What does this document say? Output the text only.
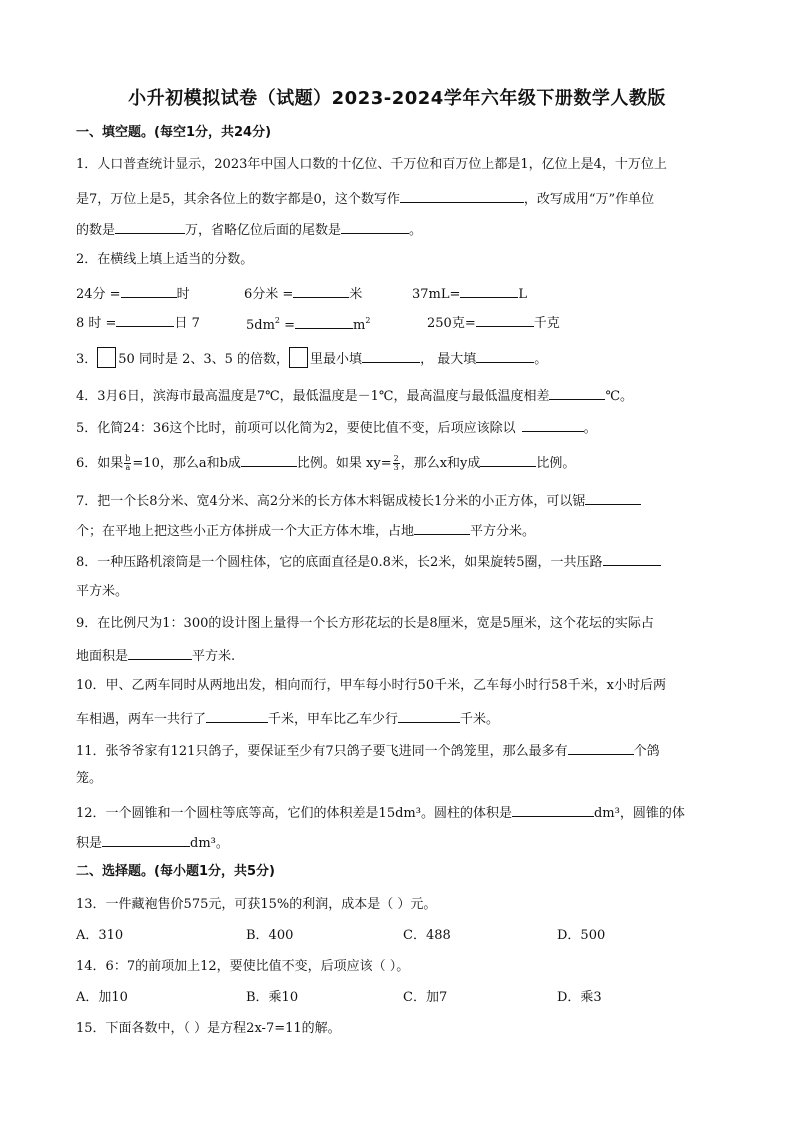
小升初模拟试卷（试题）2023-2024学年六年级下册数学人教版
一、填空题。(每空1分，共24分)
1．人口普查统计显示，2023年中国人口数的十亿位、千万位和百万位上都是1，亿位上是4，十万位上
是7，万位上是5，其余各位上的数字都是0，这个数写作	，改写成用“万”作单位
的数是	万，省略亿位后面的尾数是	。
2．在横线上填上适当的分数。
24分 =	时	6分米 =	米	37mL=	L
8 时 =	日 7	$5dm^2$ =	$m^2$	250克=	千克
3． 50 同时是 2、3、5 的倍数， 里最小填	， 最大填	。
4．3月6日，滨海市最高温度是7℃，最低温度是－1℃，最高温度与最低温度相差	℃。
5．化简24：36这个比时，前项可以化简为2，要使比值不变，后项应该除以	。
6．如果 $\frac{b}{a} =10$，那么a和b成	比例。如果 $xy= \frac{2}{3}$ ，那么x和y成	比例。
7．把一个长8分米、宽4分米、高2分米的长方体木料锯成棱长1分米的小正方体，可以锯
个；在平地上把这些小正方体拼成一个大正方体木堆，占地	平方分米。
8．一种压路机滚筒是一个圆柱体，它的底面直径是0.8米，长2米，如果旋转5圈，一共压路
平方米。
9．在比例尺为1：300的设计图上量得一个长方形花坛的长是8厘米，宽是5厘米，这个花坛的实际占
地面积是	平方米.
10．甲、乙两车同时从两地出发，相向而行，甲车每小时行50千米，乙车每小时行58千米，x小时后两
车相遇，两车一共行了	千米，甲车比乙车少行	千米。
11．张爷爷家有121只鸽子，要保证至少有7只鸽子要飞进同一个鸽笼里，那么最多有	个鸽
笼。
12．一个圆锥和一个圆柱等底等高，它们的体积差是15dm³。圆柱的体积是	dm³，圆锥的体
积是	dm³。
二、选择题。(每小题1分，共5分)
13．一件藏袍售价575元，可获15%的利润，成本是（ ）元。
A．310	B．400	C．488	D．500
14．6：7的前项加上12，要使比值不变，后项应该（ ）。
A．加10	B．乘10	C．加7	D．乘3
15．下面各数中，（ ）是方程2x-7=11的解。
